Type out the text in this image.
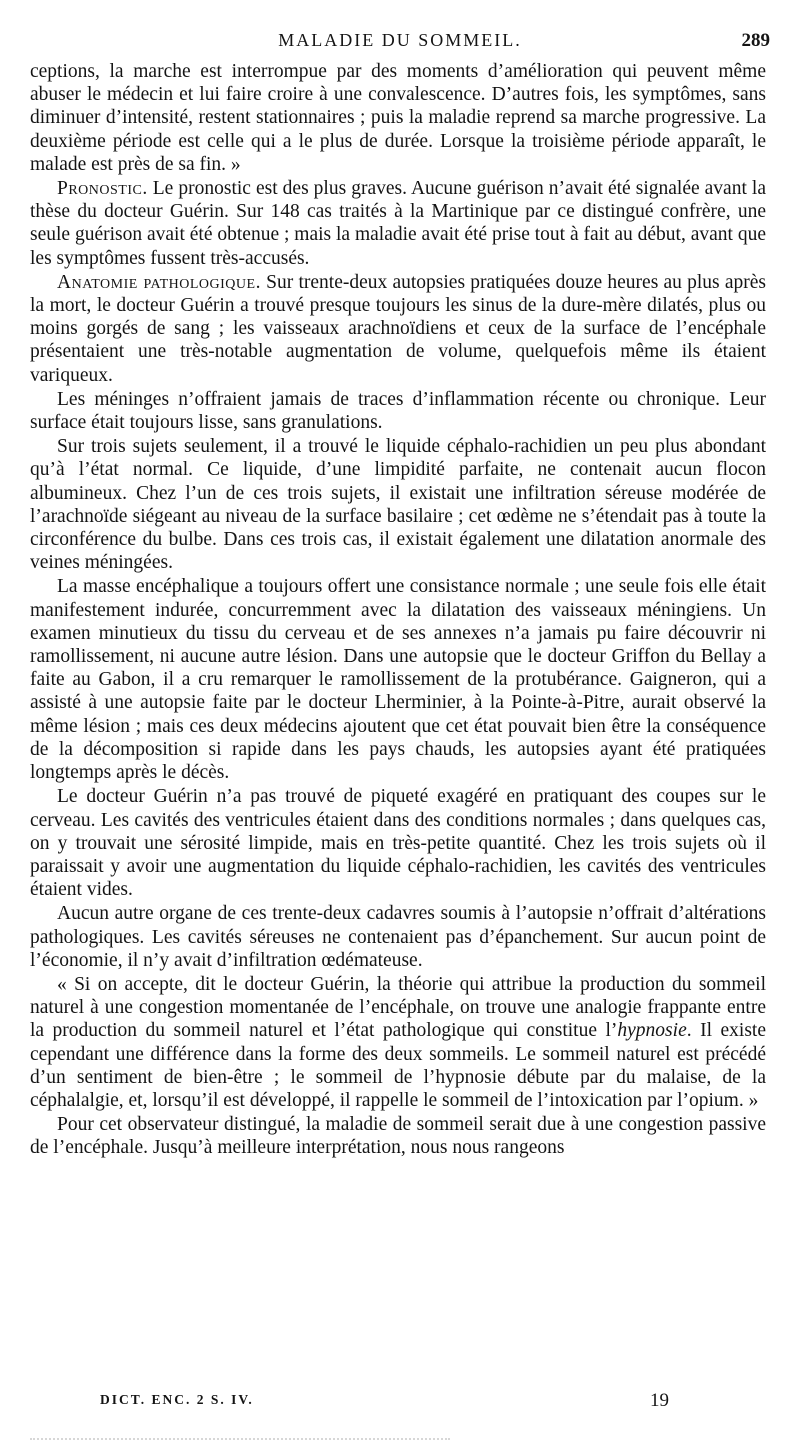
MALADIE DU SOMMEIL.	289

ceptions, la marche est interrompue par des moments d’amélioration qui peuvent même abuser le médecin et lui faire croire à une convalescence. D’autres fois, les symptômes, sans diminuer d’intensité, restent stationnaires ; puis la maladie reprend sa marche progressive. La deuxième période est celle qui a le plus de durée. Lorsque la troisième période apparaît, le malade est près de sa fin. »

Pronostic. Le pronostic est des plus graves. Aucune guérison n’avait été signalée avant la thèse du docteur Guérin. Sur 148 cas traités à la Martinique par ce distingué confrère, une seule guérison avait été obtenue ; mais la maladie avait été prise tout à fait au début, avant que les symptômes fussent très-accusés.

Anatomie pathologique. Sur trente-deux autopsies pratiquées douze heures au plus après la mort, le docteur Guérin a trouvé presque toujours les sinus de la dure-mère dilatés, plus ou moins gorgés de sang ; les vaisseaux arachnoïdiens et ceux de la surface de l’encéphale présentaient une très-notable augmentation de volume, quelquefois même ils étaient variqueux.

Les méninges n’offraient jamais de traces d’inflammation récente ou chronique. Leur surface était toujours lisse, sans granulations.

Sur trois sujets seulement, il a trouvé le liquide céphalo-rachidien un peu plus abondant qu’à l’état normal. Ce liquide, d’une limpidité parfaite, ne contenait aucun flocon albumineux. Chez l’un de ces trois sujets, il existait une infiltration séreuse modérée de l’arachnoïde siégeant au niveau de la surface basilaire ; cet œdème ne s’étendait pas à toute la circonférence du bulbe. Dans ces trois cas, il existait également une dilatation anormale des veines méningées.

La masse encéphalique a toujours offert une consistance normale ; une seule fois elle était manifestement indurée, concurremment avec la dilatation des vaisseaux méningiens. Un examen minutieux du tissu du cerveau et de ses annexes n’a jamais pu faire découvrir ni ramollissement, ni aucune autre lésion. Dans une autopsie que le docteur Griffon du Bellay a faite au Gabon, il a cru remarquer le ramollissement de la protubérance. Gaigneron, qui a assisté à une autopsie faite par le docteur Lherminier, à la Pointe-à-Pitre, aurait observé la même lésion ; mais ces deux médecins ajoutent que cet état pouvait bien être la conséquence de la décomposition si rapide dans les pays chauds, les autopsies ayant été pratiquées longtemps après le décès.

Le docteur Guérin n’a pas trouvé de piqueté exagéré en pratiquant des coupes sur le cerveau. Les cavités des ventricules étaient dans des conditions normales ; dans quelques cas, on y trouvait une sérosité limpide, mais en très-petite quantité. Chez les trois sujets où il paraissait y avoir une augmentation du liquide céphalo-rachidien, les cavités des ventricules étaient vides.

Aucun autre organe de ces trente-deux cadavres soumis à l’autopsie n’offrait d’altérations pathologiques. Les cavités séreuses ne contenaient pas d’épanchement. Sur aucun point de l’économie, il n’y avait d’infiltration œdémateuse.

« Si on accepte, dit le docteur Guérin, la théorie qui attribue la production du sommeil naturel à une congestion momentanée de l’encéphale, on trouve une analogie frappante entre la production du sommeil naturel et l’état pathologique qui constitue l’hypnosie. Il existe cependant une différence dans la forme des deux sommeils. Le sommeil naturel est précédé d’un sentiment de bien-être ; le sommeil de l’hypnosie débute par du malaise, de la céphalalgie, et, lorsqu’il est développé, il rappelle le sommeil de l’intoxication par l’opium. »

Pour cet observateur distingué, la maladie de sommeil serait due à une congestion passive de l’encéphale. Jusqu’à meilleure interprétation, nous nous rangeons

DICT. ENC. 2 S. IV.	19
